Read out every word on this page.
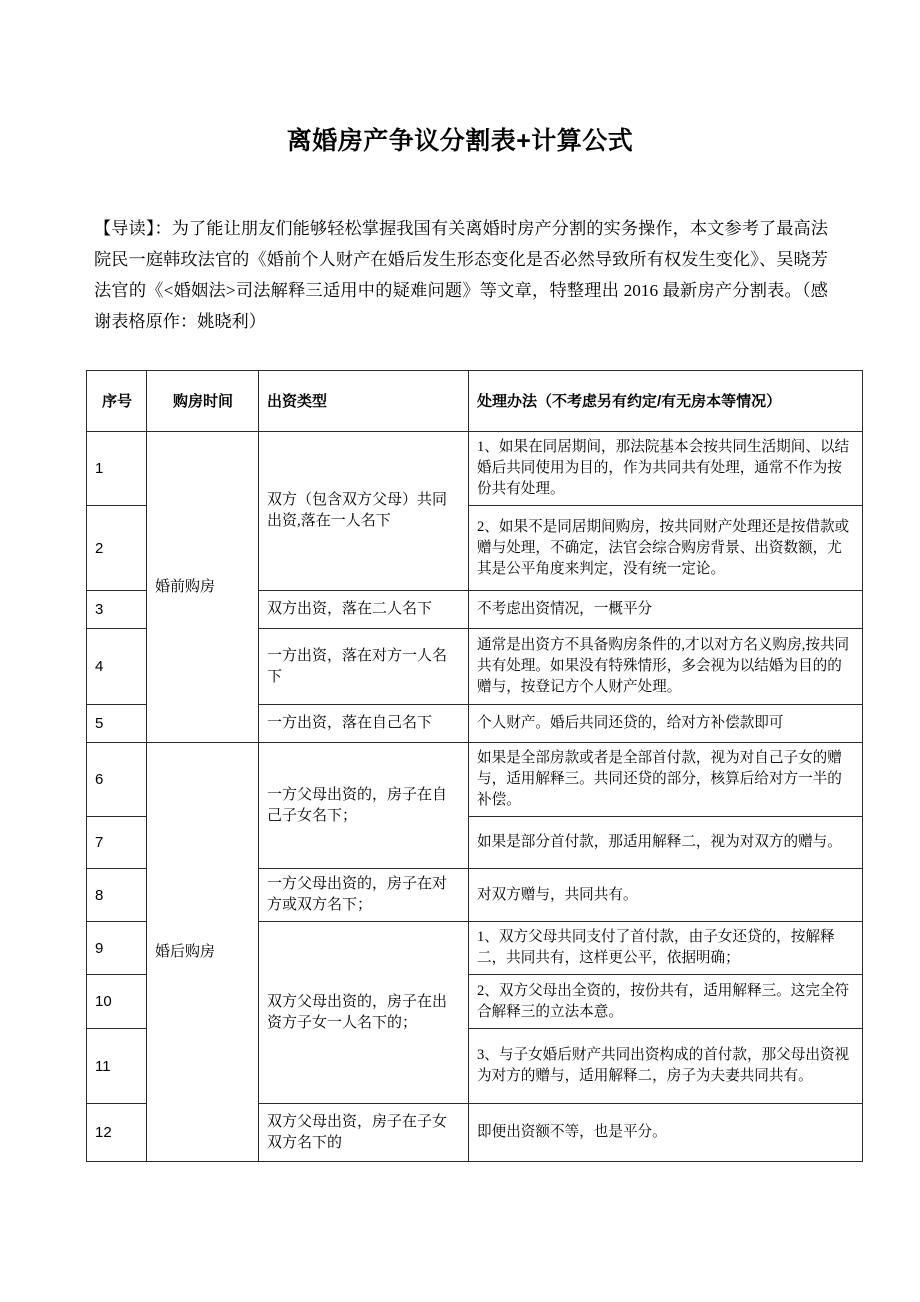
离婚房产争议分割表+计算公式

【导读】：为了能让朋友们能够轻松掌握我国有关离婚时房产分割的实务操作，本文参考了最高法院民一庭韩玫法官的《婚前个人财产在婚后发生形态变化是否必然导致所有权发生变化》、吴晓芳法官的《<婚姻法>司法解释三适用中的疑难问题》等文章，特整理出 2016 最新房产分割表。（感谢表格原作：姚晓利）

序号	购房时间	出资类型	处理办法（不考虑另有约定/有无房本等情况）
1	婚前购房	双方（包含双方父母）共同出资,落在一人名下	1、如果在同居期间，那法院基本会按共同生活期间、以结婚后共同使用为目的，作为共同共有处理，通常不作为按份共有处理。
2			2、如果不是同居期间购房，按共同财产处理还是按借款或赠与处理，不确定，法官会综合购房背景、出资数额，尤其是公平角度来判定，没有统一定论。
3		双方出资，落在二人名下	不考虑出资情况，一概平分
4		一方出资，落在对方一人名下	通常是出资方不具备购房条件的,才以对方名义购房,按共同共有处理。如果没有特殊情形，多会视为以结婚为目的的赠与，按登记方个人财产处理。
5		一方出资，落在自己名下	个人财产。婚后共同还贷的，给对方补偿款即可
6	婚后购房	一方父母出资的，房子在自己子女名下；	如果是全部房款或者是全部首付款，视为对自己子女的赠与，适用解释三。共同还贷的部分，核算后给对方一半的补偿。
7			如果是部分首付款，那适用解释二，视为对双方的赠与。
8		一方父母出资的，房子在对方或双方名下；	对双方赠与，共同共有。
9		双方父母出资的，房子在出资方子女一人名下的；	1、双方父母共同支付了首付款，由子女还贷的，按解释二，共同共有，这样更公平，依据明确；
10			2、双方父母出全资的，按份共有，适用解释三。这完全符合解释三的立法本意。
11			3、与子女婚后财产共同出资构成的首付款，那父母出资视为对方的赠与，适用解释二，房子为夫妻共同共有。
12		双方父母出资，房子在子女双方名下的	即便出资额不等，也是平分。
